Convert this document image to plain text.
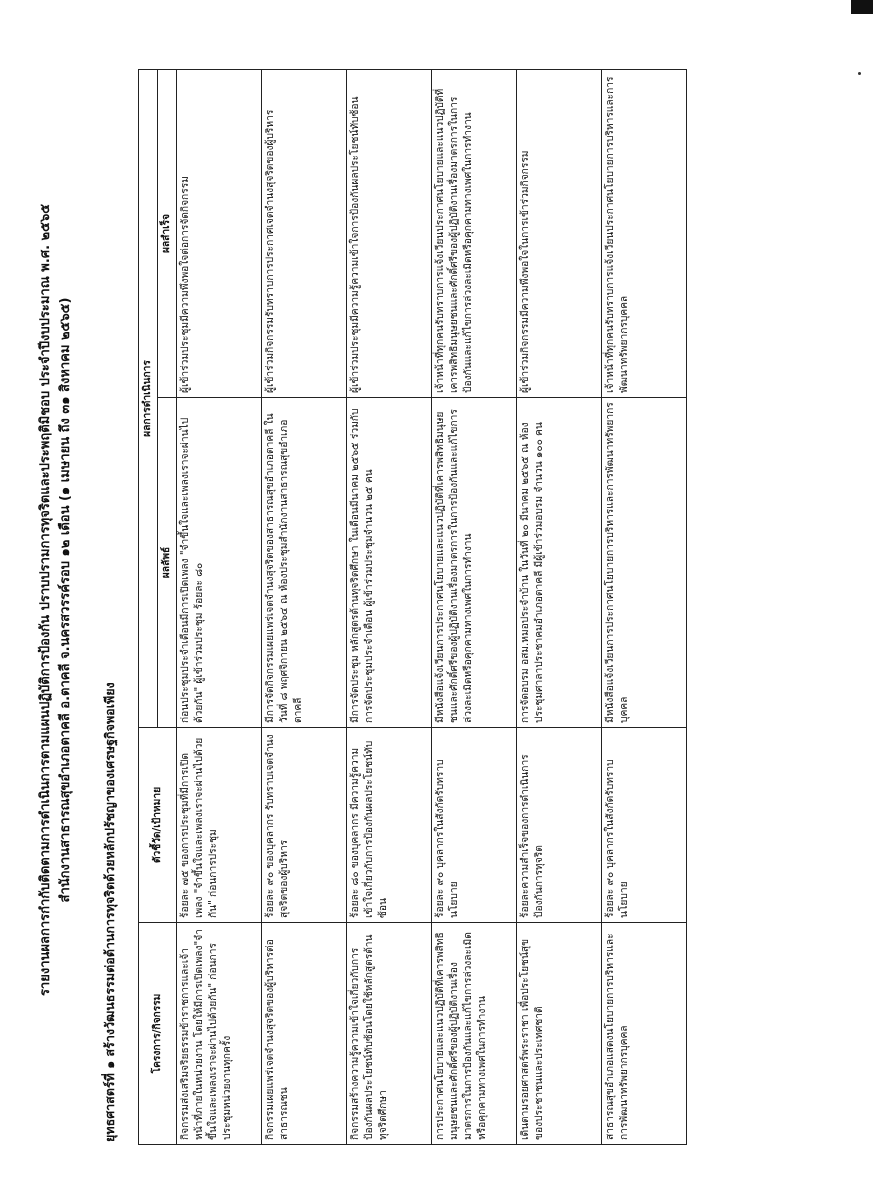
รายงานผลการกำกับติดตามการดำเนินการตามแผนปฏิบัติการป้องกัน ปราบปรามการทุจริตและประพฤติมิชอบ ประจำปีงบประมาณ พ.ศ. ๒๕๖๕ สำนักงานสาธารณสุขอำเภอตาคลี อ.ตาคลี จ.นครสวรรค์รอบ ๑๒ เดือน (๑ เมษายน ถึง ๓๑ สิงหาคม ๒๕๖๕)
ยุทธศาสตร์ที่ ๑ สร้างวัฒนธรรมต่อต้านการทุจริตด้วยหลักปรัชญาของเศรษฐกิจพอเพียง	โครงการ/กิจกรรม	ตัวชี้วัด/เป้าหมาย	ผลการดำเนินการ	
		ผลลัพธ์	ผลสำเร็จ
กิจกรรมส่งเสริมจริยธรรมข้าราชการและเจ้าหน้าที่ภายในหน่วยงาน โดยให้มีการเปิดเพลง"จำขึ้นใจและเพลงเราจะผ่านไปด้วยกัน" ก่อนการประชุมหน่วยงานทุกครั้ง	ร้อยละ ๗๕ ของการประชุมที่มีการเปิดเพลง "จำขึ้นใจและเพลงเราจะผ่านไปด้วยกัน" ก่อนการประชุม	ก่อนประชุมประจำเดือนมีการเปิดเพลง "จำขึ้นใจและเพลงเราจะผ่านไปด้วยกัน" ผู้เข้าร่วมประชุม ร้อยละ ๘๐	ผู้เข้าร่วมประชุมมีความพึงพอใจต่อการจัดกิจกรรม
กิจกรรมเผยแพร่เจตจำนงสุจริตของผู้บริหารต่อสาธารณชน	ร้อยละ ๙๐ ของบุคลากร รับทราบเจตจำนงสุจริตของผู้บริหาร	มีการจัดกิจกรรมเผยแพร่เจตจำนงสุจริตของสาธารณสุขอำเภอตาคลี ในวันที่ ๘ พฤศจิกายน ๒๕๖๔ ณ ห้องประชุมสำนักงานสาธารณสุขอำเภอตาคลี	ผู้เข้าร่วมกิจกรรมรับทราบการประกาศเจตจำนงสุจริตของผู้บริหาร
กิจกรรมสร้างความรู้ความเข้าใจเกี่ยวกับการป้องกันผลประโยชน์ทับซ้อนโดยใช้หลักสูตรต้านทุจริตศึกษา	ร้อยละ ๘๐ ของบุคลากร มีความรู้ความเข้าใจเกี่ยวกับการป้องกันผลประโยชน์ทับซ้อน	มีการจัดประชุม หลักสูตรต้านทุจริตศึกษา ในเดือนมีนาคม ๒๕๖๕ ร่วมกับการจัดประชุมประจำเดือน ผู้เข้าร่วมประชุมจำนวน ๒๕ คน	ผู้เข้าร่วมประชุมมีความรู้ความเข้าใจการป้องกันผลประโยชน์ทับซ้อน
การประกาศนโยบายและแนวปฏิบัติที่เคารพสิทธิมนุษยชนและศักดิ์ศรีของผู้ปฏิบัติงานเรื่องมาตรการในการป้องกันและแก้ไขการล่วงละเมิดหรือคุกคามทางเพศในการทำงาน	ร้อยละ ๙๐ บุคลากรในสังกัดรับทราบนโยบาย	มีหนังสือแจ้งเวียนการประกาศนโยบายและแนวปฏิบัติที่เคารพสิทธิมนุษยชนและศักดิ์ศรีของผู้ปฏิบัติงานเรื่องมาตรการในการป้องกันและแก้ไขการล่วงละเมิดหรือคุกคามทางเพศในการทำงาน	เจ้าหน้าที่ทุกคนรับทราบการแจ้งเวียนประกาศนโยบายและแนวปฏิบัติที่เคารพสิทธิมนุษยชนและศักดิ์ศรีของผู้ปฏิบัติงานเรื่องมาตรการในการป้องกันและแก้ไขการล่วงละเมิดหรือคุกคามทางเพศในการทำงาน
เดินตามรอยศาสตร์พระราชา เพื่อประโยชน์สุขของประชาชนและประเทศชาติ	ร้อยละความสำเร็จของการดำเนินการป้องกันการทุจริต	การจัดอบรม อสม.หมอประจำบ้าน ในวันที่ ๒๐ มีนาคม ๒๕๖๕ ณ ห้องประชุมศาลาประชาคมอำเภอตาคลี มีผู้เข้าร่วมอบรม จำนวน ๑๐๐ คน	ผู้เข้าร่วมกิจกรรมมีความพึงพอใจในการเข้าร่วมกิจกรรม
สาธารณสุขอำเภอแสดงนโยบายการบริหารและการพัฒนาทรัพยากรบุคคล	ร้อยละ ๙๐ บุคลากรในสังกัดรับทราบนโยบาย	มีหนังสือแจ้งเวียนการประกาศนโยบายการบริหารและการพัฒนาทรัพยากรบุคคล	เจ้าหน้าที่ทุกคนรับทราบการแจ้งเวียนประกาศนโยบายการบริหารและการพัฒนาทรัพยากรบุคคล
